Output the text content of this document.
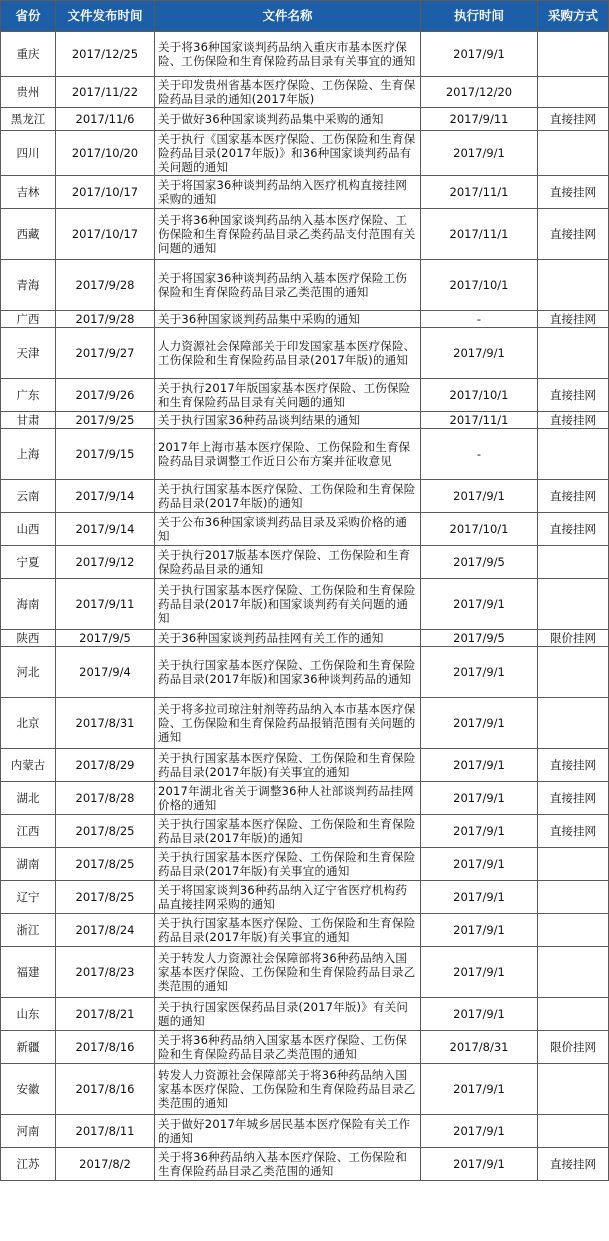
省份	文件发布时间	文件名称	执行时间	采购方式
重庆	2017/12/25	关于将36种国家谈判药品纳入重庆市基本医疗保险、工伤保险和生育保险药品目录有关事宜的通知	2017/9/1	
贵州	2017/11/22	关于印发贵州省基本医疗保险、工伤保险、生育保险药品目录的通知(2017年版)	2017/12/20	
黑龙江	2017/11/6	关于做好36种国家谈判药品集中采购的通知	2017/9/11	直接挂网
四川	2017/10/20	关于执行《国家基本医疗保险、工伤保险和生育保险药品目录(2017年版)》和36种国家谈判药品有关问题的通知	2017/9/1	
吉林	2017/10/17	关于将国家36种谈判药品纳入医疗机构直接挂网采购的通知	2017/11/1	直接挂网
西藏	2017/10/17	关于将36种国家谈判药品纳入基本医疗保险、工伤保险和生育保险药品目录乙类药品支付范围有关问题的通知	2017/11/1	直接挂网
青海	2017/9/28	关于将国家36种谈判药品纳入基本医疗保险工伤保险和生育保险药品目录乙类范围的通知	2017/10/1	
广西	2017/9/28	关于36种国家谈判药品集中采购的通知	-	直接挂网
天津	2017/9/27	人力资源社会保障部关于印发国家基本医疗保险、工伤保险和生育保险药品目录(2017年版)的通知	2017/9/1	
广东	2017/9/26	关于执行2017年版国家基本医疗保险、工伤保险和生育保险药品目录有关问题的通知	2017/10/1	直接挂网
甘肃	2017/9/25	关于执行国家36种药品谈判结果的通知	2017/11/1	直接挂网
上海	2017/9/15	2017年上海市基本医疗保险、工伤保险和生育保险药品目录调整工作近日公布方案并征收意见	-	
云南	2017/9/14	关于执行国家基本医疗保险、工伤保险和生育保险药品目录(2017年版)的通知	2017/9/1	直接挂网
山西	2017/9/14	关于公布36种国家谈判药品目录及采购价格的通知	2017/10/1	直接挂网
宁夏	2017/9/12	关于执行2017版基本医疗保险、工伤保险和生育保险药品目录的通知	2017/9/5	
海南	2017/9/11	关于执行国家基本医疗保险、工伤保险和生育保险药品目录(2017年版)和国家谈判药有关问题的通知	2017/9/1	
陕西	2017/9/5	关于36种国家谈判药品挂网有关工作的通知	2017/9/5	限价挂网
河北	2017/9/4	关于执行国家基本医疗保险、工伤保险和生育保险药品目录(2017年版)和国家36种谈判药品的通知	2017/9/1	
北京	2017/8/31	关于将多拉司琼注射剂等药品纳入本市基本医疗保险、工伤保险和生育保险药品报销范围有关问题的通知	2017/9/1	
内蒙古	2017/8/29	关于执行国家基本医疗保险、工伤保险和生育保险药品目录(2017年版)有关事宜的通知	2017/9/1	直接挂网
湖北	2017/8/28	2017年湖北省关于调整36种人社部谈判药品挂网价格的通知	2017/9/1	直接挂网
江西	2017/8/25	关于执行国家基本医疗保险、工伤保险和生育保险药品目录(2017年版)的通知	2017/9/1	直接挂网
湖南	2017/8/25	关于执行国家基本医疗保险、工伤保险和生育保险药品目录(2017年版)有关事宜的通知	2017/9/1	
辽宁	2017/8/25	关于将国家谈判36种药品纳入辽宁省医疗机构药品直接挂网采购的通知	2017/9/1	
浙江	2017/8/24	关于执行国家基本医疗保险、工伤保险和生育保险药品目录(2017年版)有关事宜的通知	2017/9/1	
福建	2017/8/23	关于转发人力资源社会保障部将36种药品纳入国家基本医疗保险、工伤保险和生育保险药品目录乙类范围的通知	2017/9/1	
山东	2017/8/21	关于执行国家医保药品目录(2017年版)》有关问题的通知	2017/9/1	
新疆	2017/8/16	关于将36种药品纳入国家基本医疗保险、工伤保险和生育保险药品目录乙类范围的通知	2017/8/31	限价挂网
安徽	2017/8/16	转发人力资源社会保障部关于将36种药品纳入国家基本医疗保险、工伤保险和生育保险药品目录乙类范围的通知	2017/9/1	
河南	2017/8/11	关于做好2017年城乡居民基本医疗保险有关工作的通知	2017/9/1	
江苏	2017/8/2	关于将36种药品纳入基本医疗保险、工伤保险和生育保险药品目录乙类范围的通知	2017/9/1	直接挂网
